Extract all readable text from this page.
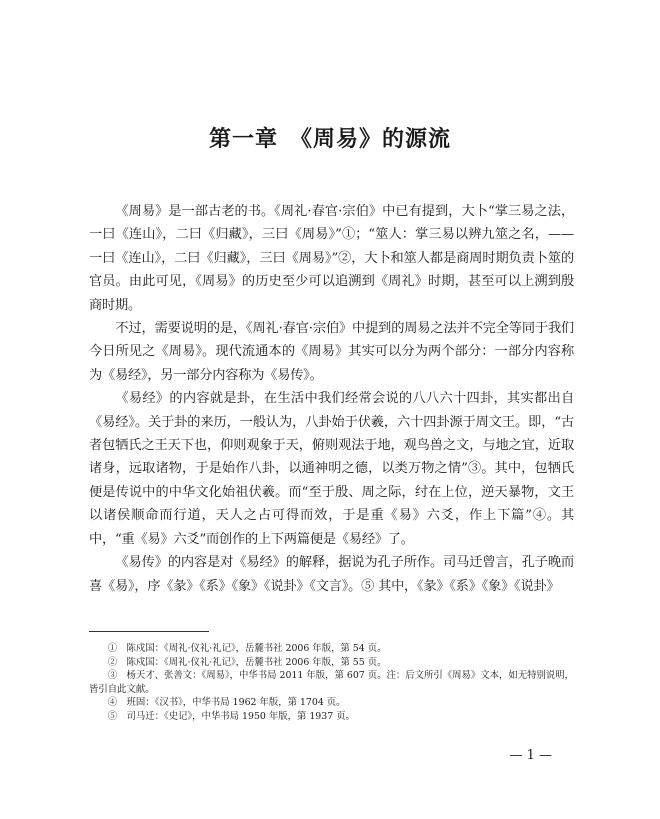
第一章　《周易》的源流

《周易》是一部古老的书。《周礼·春官·宗伯》中已有提到，大卜“掌三易之法，一曰《连山》，二曰《归藏》，三曰《周易》”①；“筮人：掌三易以辨九筮之名，——一曰《连山》，二曰《归藏》，三曰《周易》”②，大卜和筮人都是商周时期负责卜筮的官员。由此可见，《周易》的历史至少可以追溯到《周礼》时期，甚至可以上溯到殷商时期。

不过，需要说明的是，《周礼·春官·宗伯》中提到的周易之法并不完全等同于我们今日所见之《周易》。现代流通本的《周易》其实可以分为两个部分：一部分内容称为《易经》，另一部分内容称为《易传》。

《易经》的内容就是卦，在生活中我们经常会说的八八六十四卦，其实都出自《易经》。关于卦的来历，一般认为，八卦始于伏羲，六十四卦源于周文王。即，“古者包牺氏之王天下也，仰则观象于天，俯则观法于地，观鸟兽之文，与地之宜，近取诸身，远取诸物，于是始作八卦，以通神明之德，以类万物之情”③。其中，包牺氏便是传说中的中华文化始祖伏羲。而“至于殷、周之际，纣在上位，逆天暴物，文王以诸侯顺命而行道，天人之占可得而效，于是重《易》六爻，作上下篇”④。其中，“重《易》六爻”而创作的上下两篇便是《易经》了。

《易传》的内容是对《易经》的解释，据说为孔子所作。司马迁曾言，孔子晚而喜《易》，序《彖》《系》《象》《说卦》《文言》。⑤ 其中，《彖》《系》《象》《说卦》

①　陈戍国：《周礼·仪礼·礼记》，岳麓书社 2006 年版，第 54 页。

②　陈戍国：《周礼·仪礼·礼记》，岳麓书社 2006 年版，第 55 页。

③　杨天才、张善文：《周易》，中华书局 2011 年版，第 607 页。注：后文所引《周易》文本，如无特别说明，皆引自此文献。

④　班固：《汉书》，中华书局 1962 年版，第 1704 页。

⑤　司马迁：《史记》，中华书局 1950 年版，第 1937 页。

— 1 —
